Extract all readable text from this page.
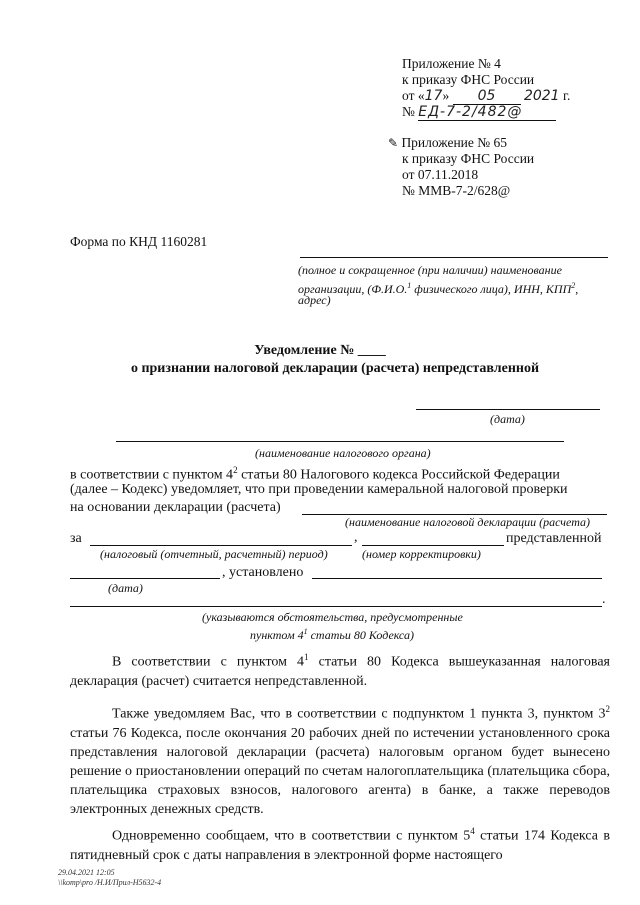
Приложение № 4
к приказу ФНС России
от «17» 05 2021 г.
№ ЕД-7-2/482@
✎ Приложение № 65
к приказу ФНС России
от 07.11.2018
№ ММВ-7-2/628@
Форма по КНД 1160281
(полное и сокращенное (при наличии) наименование
организации, (Ф.И.О.$^1$ физического лица), ИНН, КПП$^2$,
адрес)
Уведомление № ____
о признании налоговой декларации (расчета) непредставленной
(дата)
(наименование налогового органа)
в соответствии с пунктом $4^2$ статьи 80 Налогового кодекса Российской Федерации
(далее – Кодекс) уведомляет, что при проведении камеральной налоговой проверки
на основании декларации (расчета)
(наименование налоговой декларации (расчета)
за	,	представленной
(налоговый (отчетный, расчетный) период)	(номер корректировки)
, установлено
(дата)
.
(указываются обстоятельства, предусмотренные
пунктом $4^1$ статьи 80 Кодекса)

В соответствии с пунктом $4^1$ статьи 80 Кодекса вышеуказанная налоговая декларация (расчет) считается непредставленной.

Также уведомляем Вас, что в соответствии с подпунктом 1 пункта 3, пунктом $3^2$ статьи 76 Кодекса, после окончания 20 рабочих дней по истечении установленного срока представления налоговой декларации (расчета) налоговым органом будет вынесено решение о приостановлении операций по счетам налогоплательщика (плательщика сбора, плательщика страховых взносов, налогового агента) в банке, а также переводов электронных денежных средств.

Одновременно сообщаем, что в соответствии с пунктом $5^4$ статьи 174 Кодекса в пятидневный срок с даты направления в электронной форме настоящего

29.04.2021 12:05
\\komp\pro /Н.И/Прил-Н5632-4
